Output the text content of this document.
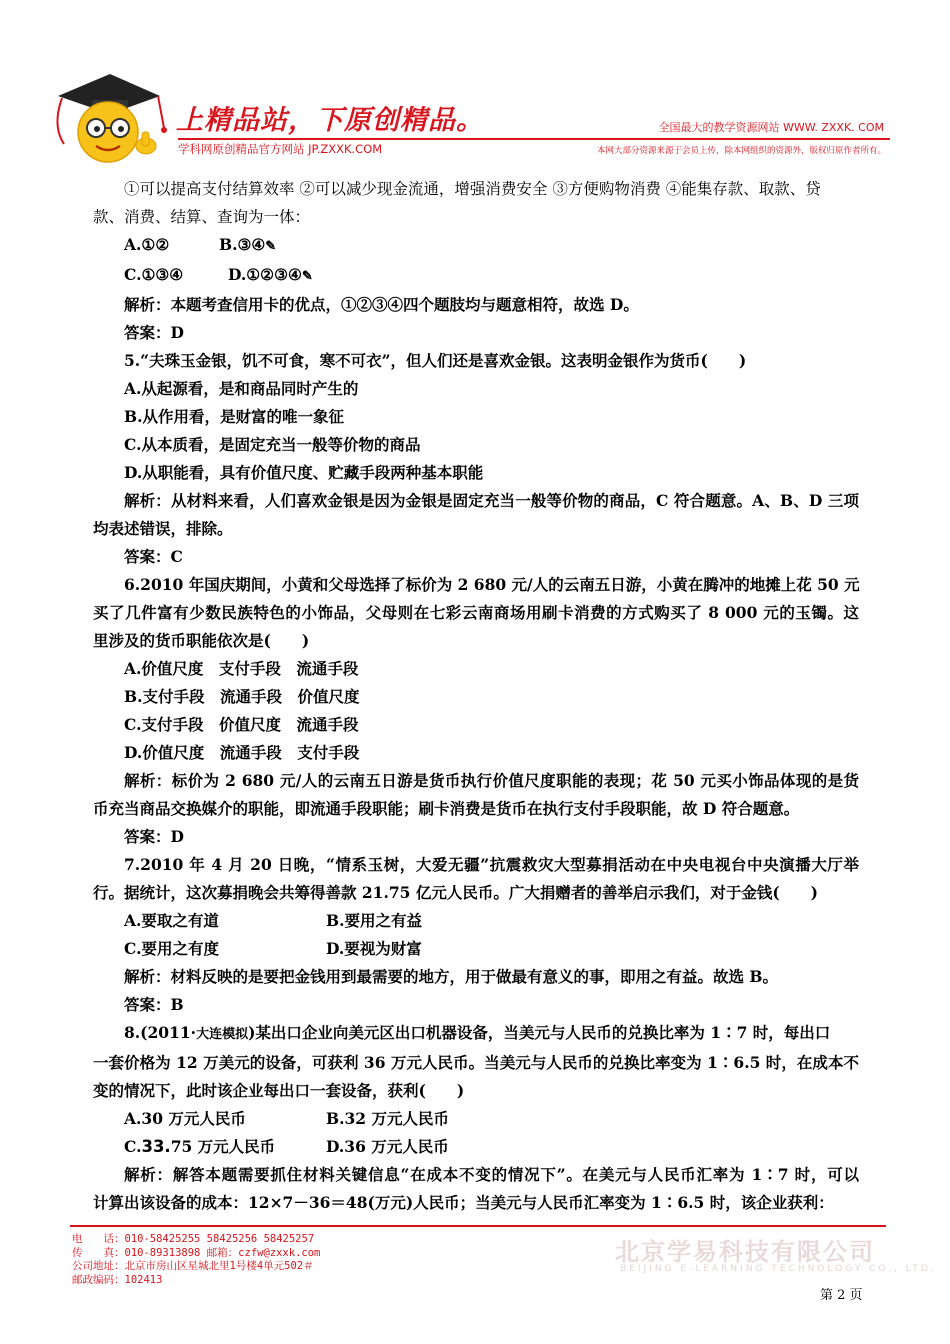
上精品站，下原创精品。
学科网原创精品官方网站 JP.ZXXK.COM
全国最大的教学资源网站 WWW. ZXXK. COM
本网大部分资源来源于会员上传，除本网组织的资源外，版权归原作者所有。
①可以提高支付结算效率 ②可以减少现金流通，增强消费安全 ③方便购物消费 ④能集存款、取款、贷
款、消费、结算、查询为一体：
A.①②	B.③④✎
C.①③④	D.①②③④✎
解析：本题考查信用卡的优点，①②③④四个题肢均与题意相符，故选 D。
答案：D
5.“夫珠玉金银，饥不可食，寒不可衣”，但人们还是喜欢金银。这表明金银作为货币(　　)
A.从起源看，是和商品同时产生的
B.从作用看，是财富的唯一象征
C.从本质看，是固定充当一般等价物的商品
D.从职能看，具有价值尺度、贮藏手段两种基本职能
解析：从材料来看，人们喜欢金银是因为金银是固定充当一般等价物的商品，C 符合题意。A、B、D 三项
均表述错误，排除。
答案：C
6.2010 年国庆期间，小黄和父母选择了标价为 2 680 元/人的云南五日游，小黄在腾冲的地摊上花 50 元
买了几件富有少数民族特色的小饰品，父母则在七彩云南商场用刷卡消费的方式购买了 8 000 元的玉镯。这
里涉及的货币职能依次是(　　)
A.价值尺度　支付手段　流通手段
B.支付手段　流通手段　价值尺度
C.支付手段　价值尺度　流通手段
D.价值尺度　流通手段　支付手段
解析：标价为 2 680 元/人的云南五日游是货币执行价值尺度职能的表现；花 50 元买小饰品体现的是货
币充当商品交换媒介的职能，即流通手段职能；刷卡消费是货币在执行支付手段职能，故 D 符合题意。
答案：D
7.2010 年 4 月 20 日晚，“情系玉树，大爱无疆”抗震救灾大型募捐活动在中央电视台中央演播大厅举
行。据统计，这次募捐晚会共筹得善款 21.75 亿元人民币。广大捐赠者的善举启示我们，对于金钱(　　)
A.要取之有道	B.要用之有益
C.要用之有度	D.要视为财富
解析：材料反映的是要把金钱用到最需要的地方，用于做最有意义的事，即用之有益。故选 B。
答案：B
8.(2011·大连模拟)某出口企业向美元区出口机器设备，当美元与人民币的兑换比率为 1∶7 时，每出口
一套价格为 12 万美元的设备，可获利 36 万元人民币。当美元与人民币的兑换比率变为 1∶6.5 时，在成本不
变的情况下，此时该企业每出口一套设备，获利(　　)
A.30 万元人民币	B.32 万元人民币
C.33.75 万元人民币	D.36 万元人民币
解析：解答本题需要抓住材料关键信息“在成本不变的情况下”。在美元与人民币汇率为 1∶7 时，可以
计算出该设备的成本：12×7－36＝48(万元)人民币；当美元与人民币汇率变为 1∶6.5 时，该企业获利：
电　　话：010-58425255 58425256 58425257
传　　真：010-89313898 邮箱：czfw@zxxk.com
公司地址：北京市房山区星城北里1号楼4单元502＃
邮政编码：102413
北京学易科技有限公司
BEIJING E-LEARNING TECHNOLOGY CO., LTD.
第 2 页
